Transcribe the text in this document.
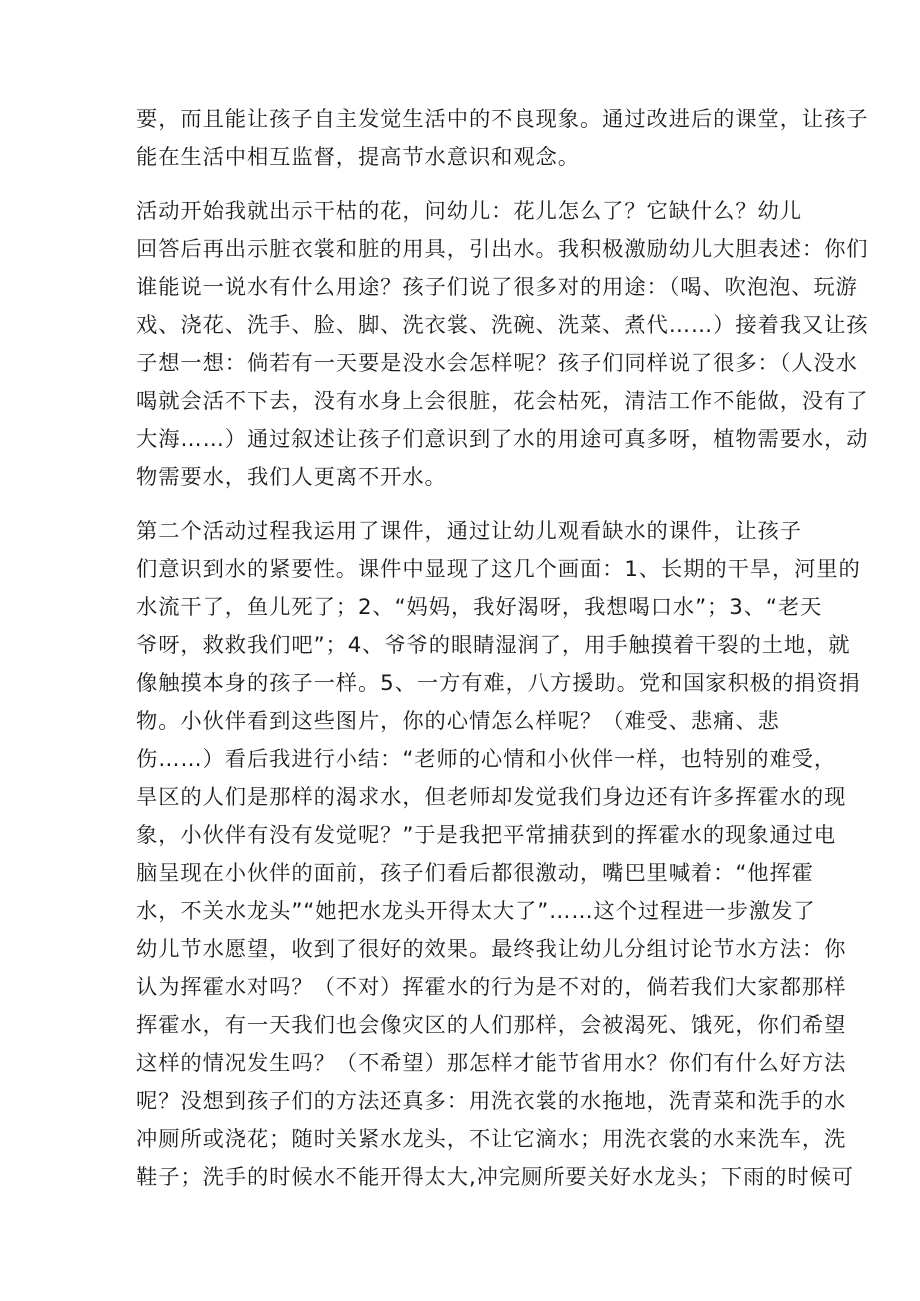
要，而且能让孩子自主发觉生活中的不良现象。通过改进后的课堂，让孩子
能在生活中相互监督，提高节水意识和观念。
活动开始我就出示干枯的花，问幼儿：花儿怎么了？它缺什么？幼儿
回答后再出示脏衣裳和脏的用具，引出水。我积极激励幼儿大胆表述：你们
谁能说一说水有什么用途？孩子们说了很多对的用途：（喝、吹泡泡、玩游
戏、浇花、洗手、脸、脚、洗衣裳、洗碗、洗菜、煮代……）接着我又让孩
子想一想：倘若有一天要是没水会怎样呢？孩子们同样说了很多：（人没水
喝就会活不下去，没有水身上会很脏，花会枯死，清洁工作不能做，没有了
大海……）通过叙述让孩子们意识到了水的用途可真多呀，植物需要水，动
物需要水，我们人更离不开水。
第二个活动过程我运用了课件，通过让幼儿观看缺水的课件，让孩子
们意识到水的紧要性。课件中显现了这几个画面：1、长期的干旱，河里的
水流干了，鱼儿死了；2、“妈妈，我好渴呀，我想喝口水”；3、“老天
爷呀，救救我们吧”；4、爷爷的眼睛湿润了，用手触摸着干裂的土地，就
像触摸本身的孩子一样。5、一方有难，八方援助。党和国家积极的捐资捐
物。小伙伴看到这些图片，你的心情怎么样呢？（难受、悲痛、悲
伤……）看后我进行小结：“老师的心情和小伙伴一样，也特别的难受，
旱区的人们是那样的渴求水，但老师却发觉我们身边还有许多挥霍水的现
象，小伙伴有没有发觉呢？”于是我把平常捕获到的挥霍水的现象通过电
脑呈现在小伙伴的面前，孩子们看后都很激动，嘴巴里喊着：“他挥霍
水，不关水龙头”“她把水龙头开得太大了”……这个过程进一步激发了
幼儿节水愿望，收到了很好的效果。最终我让幼儿分组讨论节水方法：你
认为挥霍水对吗？（不对）挥霍水的行为是不对的，倘若我们大家都那样
挥霍水，有一天我们也会像灾区的人们那样，会被渴死、饿死，你们希望
这样的情况发生吗？（不希望）那怎样才能节省用水？你们有什么好方法
呢？没想到孩子们的方法还真多：用洗衣裳的水拖地，洗青菜和洗手的水
冲厕所或浇花；随时关紧水龙头，不让它滴水；用洗衣裳的水来洗车，洗
鞋子；洗手的时候水不能开得太大,冲完厕所要关好水龙头；下雨的时候可
